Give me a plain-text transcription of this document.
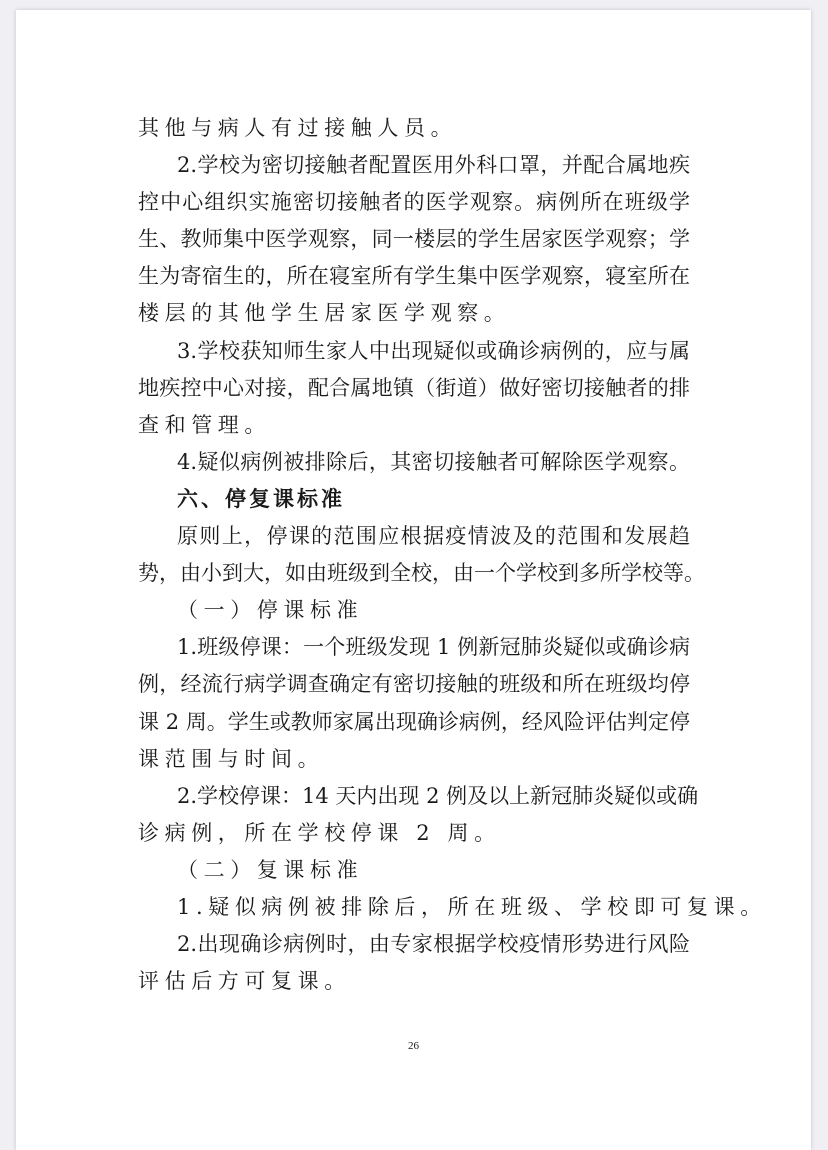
其他与病人有过接触人员。
2.学校为密切接触者配置医用外科口罩，并配合属地疾
控中心组织实施密切接触者的医学观察。病例所在班级学
生、教师集中医学观察，同一楼层的学生居家医学观察；学
生为寄宿生的，所在寝室所有学生集中医学观察，寝室所在
楼层的其他学生居家医学观察。
3.学校获知师生家人中出现疑似或确诊病例的，应与属
地疾控中心对接，配合属地镇（街道）做好密切接触者的排
查和管理。
4.疑似病例被排除后，其密切接触者可解除医学观察。
六、停复课标准
原则上，停课的范围应根据疫情波及的范围和发展趋
势，由小到大，如由班级到全校，由一个学校到多所学校等。
（一）停课标准
1.班级停课：一个班级发现 1 例新冠肺炎疑似或确诊病
例，经流行病学调查确定有密切接触的班级和所在班级均停
课 2 周。学生或教师家属出现确诊病例，经风险评估判定停
课范围与时间。
2.学校停课：14 天内出现 2 例及以上新冠肺炎疑似或确
诊病例，所在学校停课 2 周。
（二）复课标准
1.疑似病例被排除后，所在班级、学校即可复课。
2.出现确诊病例时，由专家根据学校疫情形势进行风险
评估后方可复课。
26
